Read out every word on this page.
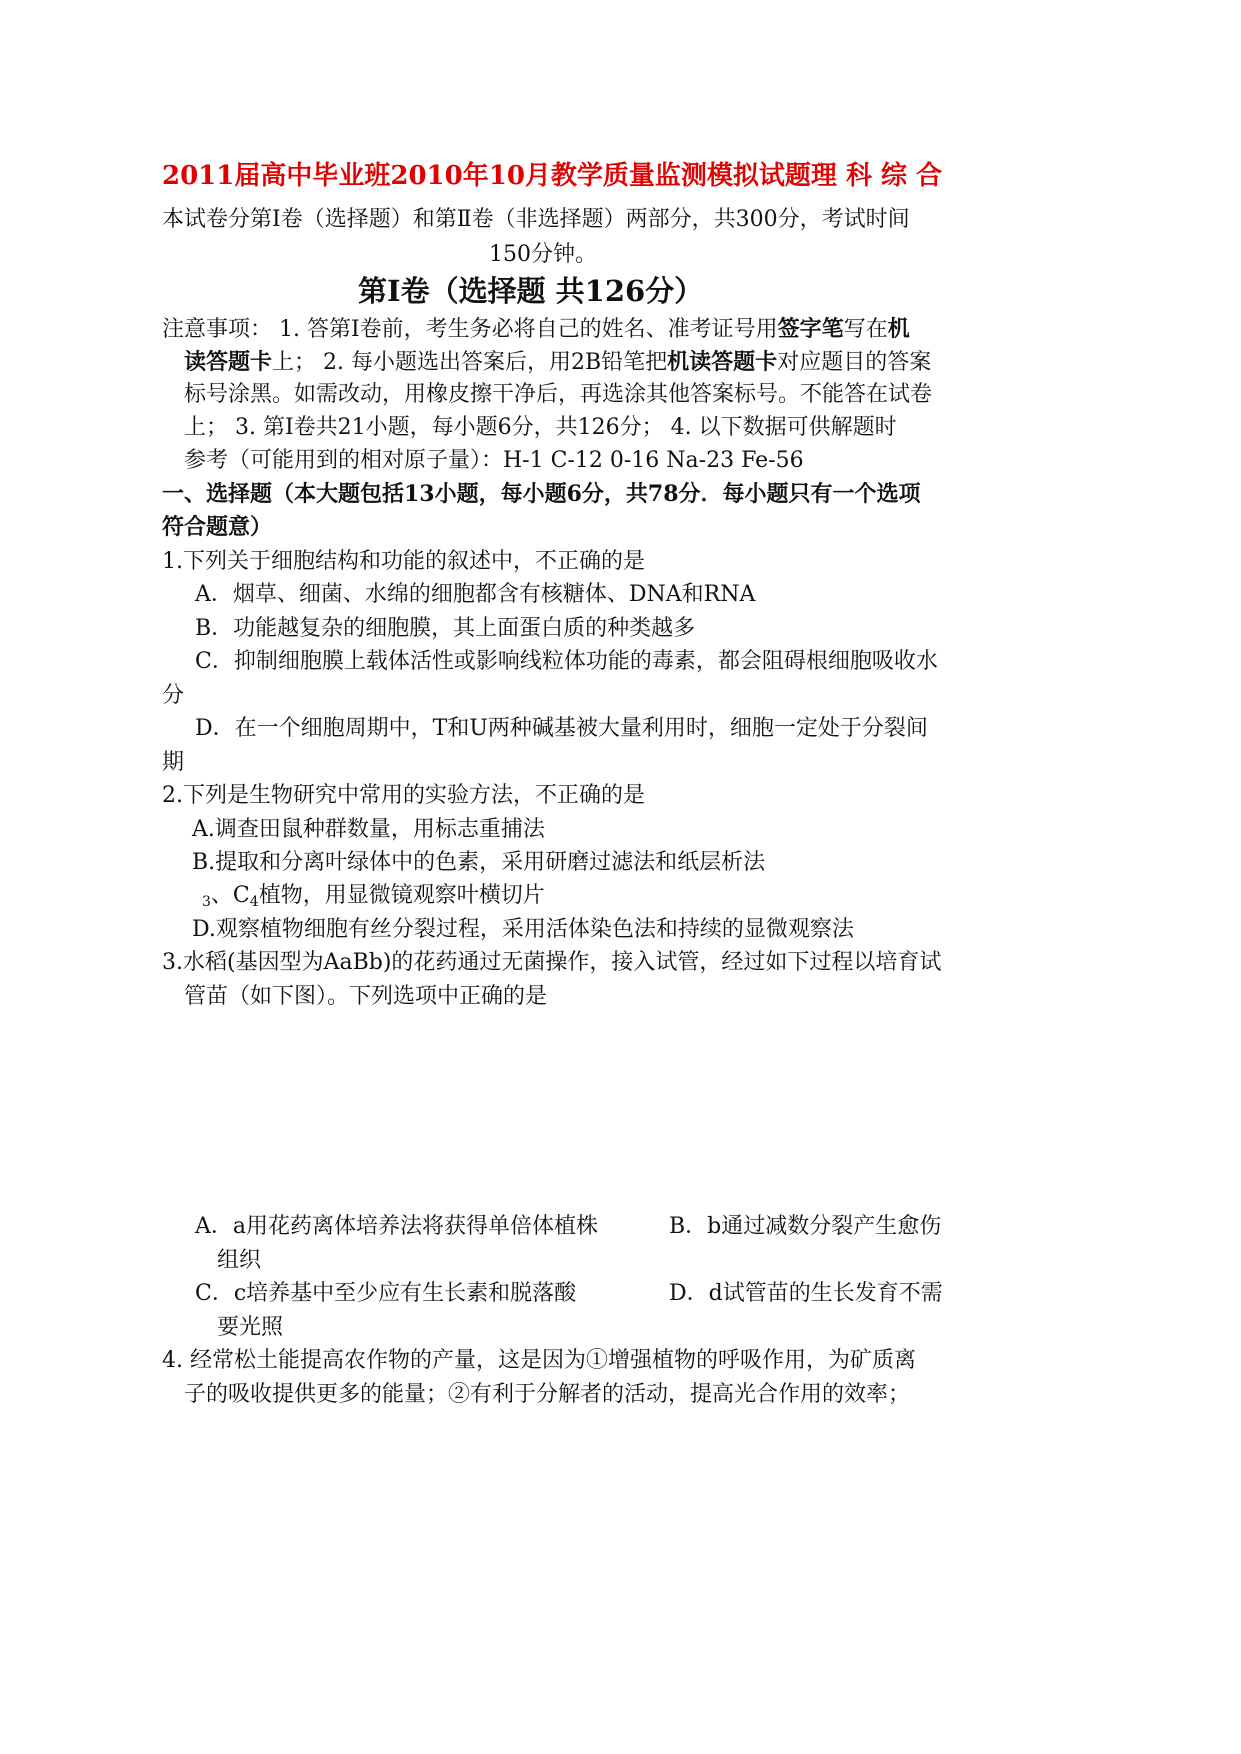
2011届高中毕业班2010年10月教学质量监测模拟试题理 科 综 合
本试卷分第Ⅰ卷（选择题）和第Ⅱ卷（非选择题）两部分，共300分，考试时间
150分钟。
第Ⅰ卷（选择题 共126分）
注意事项： 1. 答第Ⅰ卷前，考生务必将自己的姓名、准考证号用签字笔写在机
读答题卡上； 2. 每小题选出答案后，用2B铅笔把机读答题卡对应题目的答案
标号涂黑。如需改动，用橡皮擦干净后，再选涂其他答案标号。不能答在试卷
上； 3. 第Ⅰ卷共21小题，每小题6分，共126分； 4. 以下数据可供解题时
参考（可能用到的相对原子量）：H-1 C-12 0-16 Na-23 Fe-56
一、选择题（本大题包括13小题，每小题6分，共78分．每小题只有一个选项
符合题意）
1.下列关于细胞结构和功能的叙述中，不正确的是
A．烟草、细菌、水绵的细胞都含有核糖体、DNA和RNA
B．功能越复杂的细胞膜，其上面蛋白质的种类越多
C．抑制细胞膜上载体活性或影响线粒体功能的毒素，都会阻碍根细胞吸收水
分
D．在一个细胞周期中，T和U两种碱基被大量利用时，细胞一定处于分裂间
期
2.下列是生物研究中常用的实验方法，不正确的是
A.调查田鼠种群数量，用标志重捕法
B.提取和分离叶绿体中的色素，采用研磨过滤法和纸层析法
$_3$、$C_4$植物，用显微镜观察叶横切片
D.观察植物细胞有丝分裂过程，采用活体染色法和持续的显微观察法
3.水稻(基因型为AaBb)的花药通过无菌操作，接入试管，经过如下过程以培育试
管苗（如下图）。下列选项中正确的是
A．a用花药离体培养法将获得单倍体植株	B．b通过减数分裂产生愈伤
组织
C．c培养基中至少应有生长素和脱落酸	D．d试管苗的生长发育不需
要光照
4. 经常松土能提高农作物的产量，这是因为①增强植物的呼吸作用，为矿质离
子的吸收提供更多的能量；②有利于分解者的活动，提高光合作用的效率；
